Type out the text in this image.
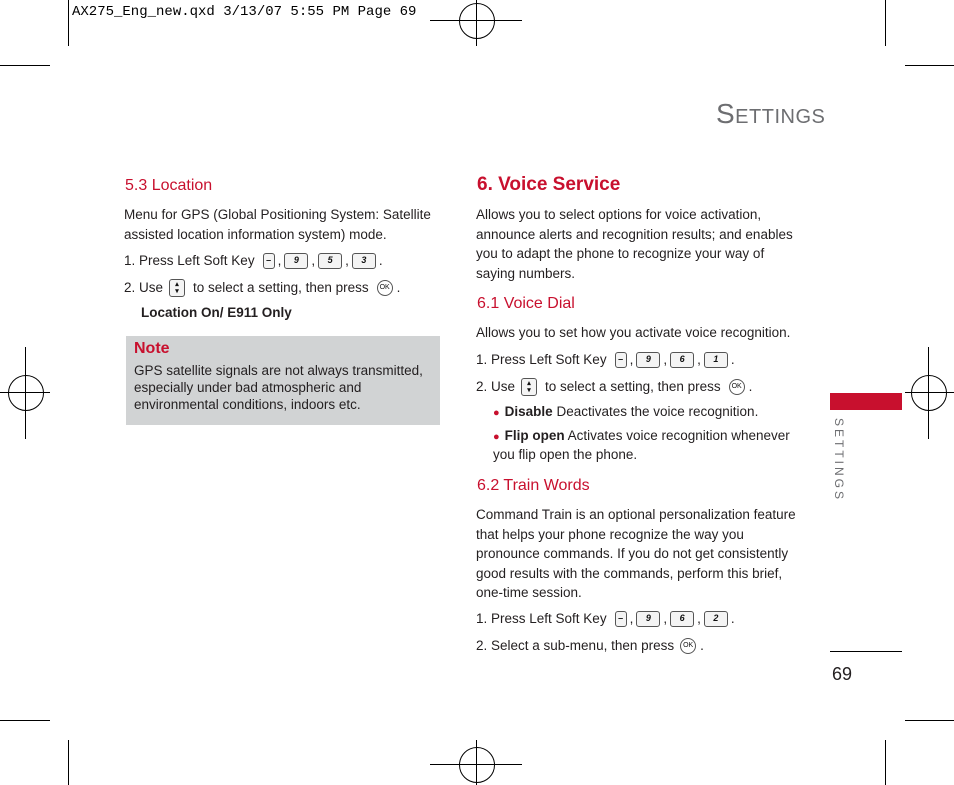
AX275_Eng_new.qxd 3/13/07 5:55 PM Page 69
Settings
5.3 Location
Menu for GPS (Global Positioning System: Satellite assisted location information system) mode.
1. Press Left Soft Key	– ,	9 ,	5 ,	3 .
2. Use	▴
▾	to select a setting, then press	OK .
Location On/ E911 Only
Note
GPS satellite signals are not always transmitted, especially under bad atmospheric and environmental conditions, indoors etc.
6. Voice Service
Allows you to select options for voice activation, announce alerts and recognition results; and enables you to adapt the phone to recognize your way of saying numbers.
6.1 Voice Dial
Allows you to set how you activate voice recognition.
1. Press Left Soft Key	– ,	9 ,	6 ,	1 .
2. Use	▴
▾	to select a setting, then press	OK .
● Disable Deactivates the voice recognition.
● Flip open Activates voice recognition whenever you flip open the phone.
6.2 Train Words
Command Train is an optional personalization feature that helps your phone recognize the way you pronounce commands. If you do not get consistently good results with the commands, perform this brief, one-time session.
1. Press Left Soft Key	– ,	9 ,	6 ,	2 .
2. Select a sub-menu, then press	OK .
SETTINGS
69
